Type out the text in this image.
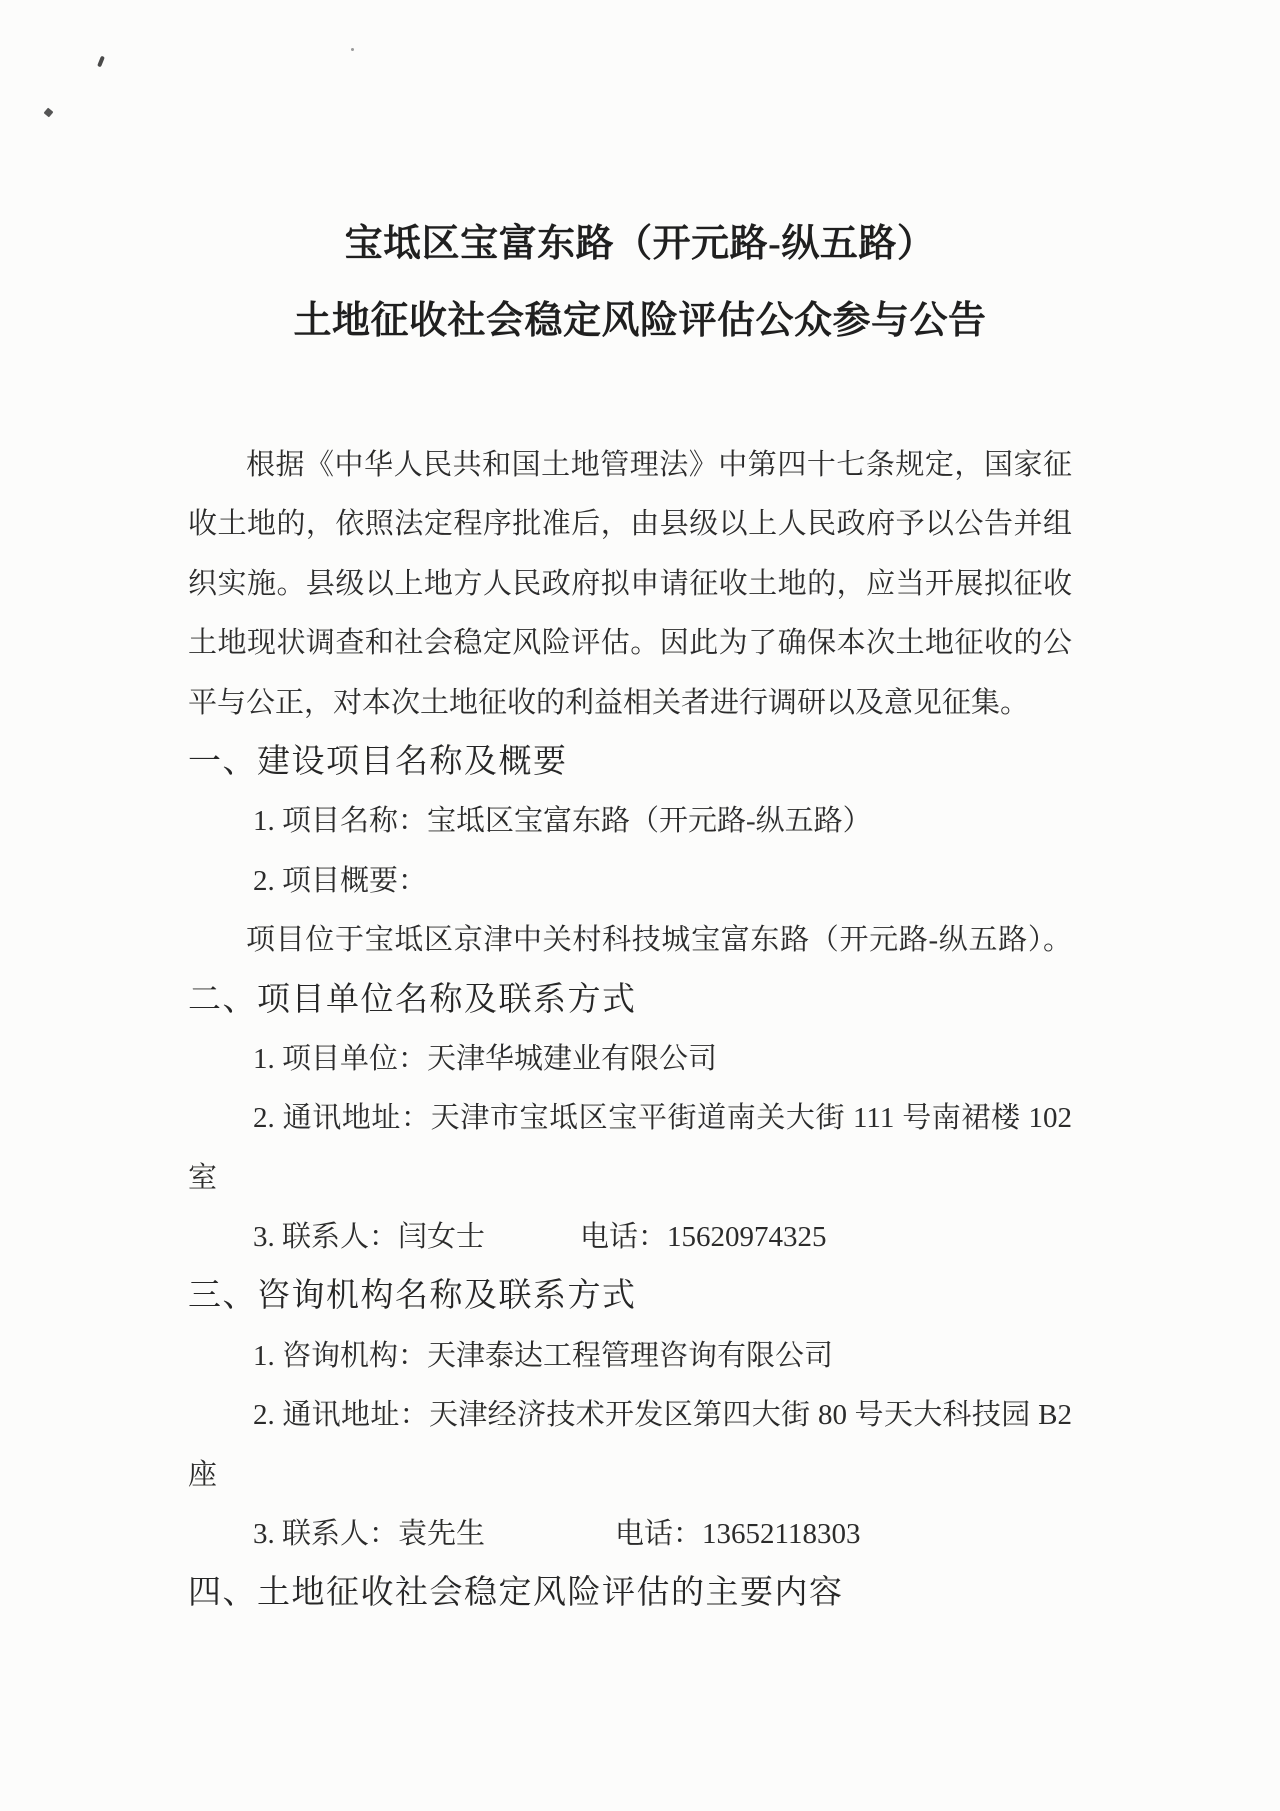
宝坻区宝富东路（开元路-纵五路）
土地征收社会稳定风险评估公众参与公告
根据《中华人民共和国土地管理法》中第四十七条规定，国家征
收土地的，依照法定程序批准后，由县级以上人民政府予以公告并组
织实施。县级以上地方人民政府拟申请征收土地的，应当开展拟征收
土地现状调查和社会稳定风险评估。因此为了确保本次土地征收的公
平与公正，对本次土地征收的利益相关者进行调研以及意见征集。
一、建设项目名称及概要
1. 项目名称：宝坻区宝富东路（开元路-纵五路）
2. 项目概要：
项目位于宝坻区京津中关村科技城宝富东路（开元路-纵五路）。
二、项目单位名称及联系方式
1. 项目单位：天津华城建业有限公司
2. 通讯地址：天津市宝坻区宝平街道南关大街 111 号南裙楼 102
室
3. 联系人：闫女士	电话：15620974325
三、咨询机构名称及联系方式
1. 咨询机构：天津泰达工程管理咨询有限公司
2. 通讯地址：天津经济技术开发区第四大街 80 号天大科技园 B2
座
3. 联系人：袁先生	电话：13652118303
四、土地征收社会稳定风险评估的主要内容
